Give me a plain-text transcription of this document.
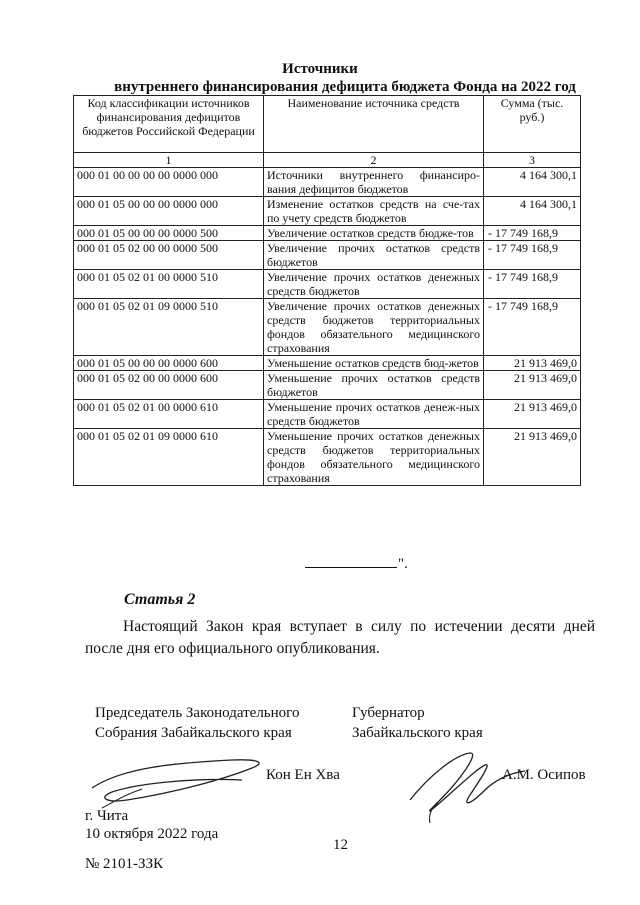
Источники
внутреннего финансирования дефицита бюджета Фонда на 2022 год
Код классификации источников финансирования дефицитов бюджетов Российской Федерации	Наименование источника средств	Сумма (тыс. руб.)
1	2	3
000 01 00 00 00 00 0000 000	Источники внутреннего финансиро-вания дефицитов бюджетов	4 164 300,1
000 01 05 00 00 00 0000 000	Изменение остатков средств на сче-тах по учету средств бюджетов	4 164 300,1
000 01 05 00 00 00 0000 500	Увеличение остатков средств бюдже-тов	- 17 749 168,9
000 01 05 02 00 00 0000 500	Увеличение прочих остатков средств бюджетов	- 17 749 168,9
000 01 05 02 01 00 0000 510	Увеличение прочих остатков денежных средств бюджетов	- 17 749 168,9
000 01 05 02 01 09 0000 510	Увеличение прочих остатков денежных средств бюджетов территориальных фондов обязательного медицинского страхования	- 17 749 168,9
000 01 05 00 00 00 0000 600	Уменьшение остатков средств бюд-жетов	21 913 469,0
000 01 05 02 00 00 0000 600	Уменьшение прочих остатков средств бюджетов	21 913 469,0
000 01 05 02 01 00 0000 610	Уменьшение прочих остатков денеж-ных средств бюджетов	21 913 469,0
000 01 05 02 01 09 0000 610	Уменьшение прочих остатков денежных средств бюджетов территориальных фондов обязательного медицинского страхования	21 913 469,0
".
Статья 2
Настоящий Закон края вступает в силу по истечении десяти дней после дня его официального опубликования.
Председатель Законодательного
Собрания Забайкальского края
Губернатор
Забайкальского края
Кон Ен Хва	А.М. Осипов
г. Чита
10 октября 2022 года
12
№ 2101-ЗЗК
